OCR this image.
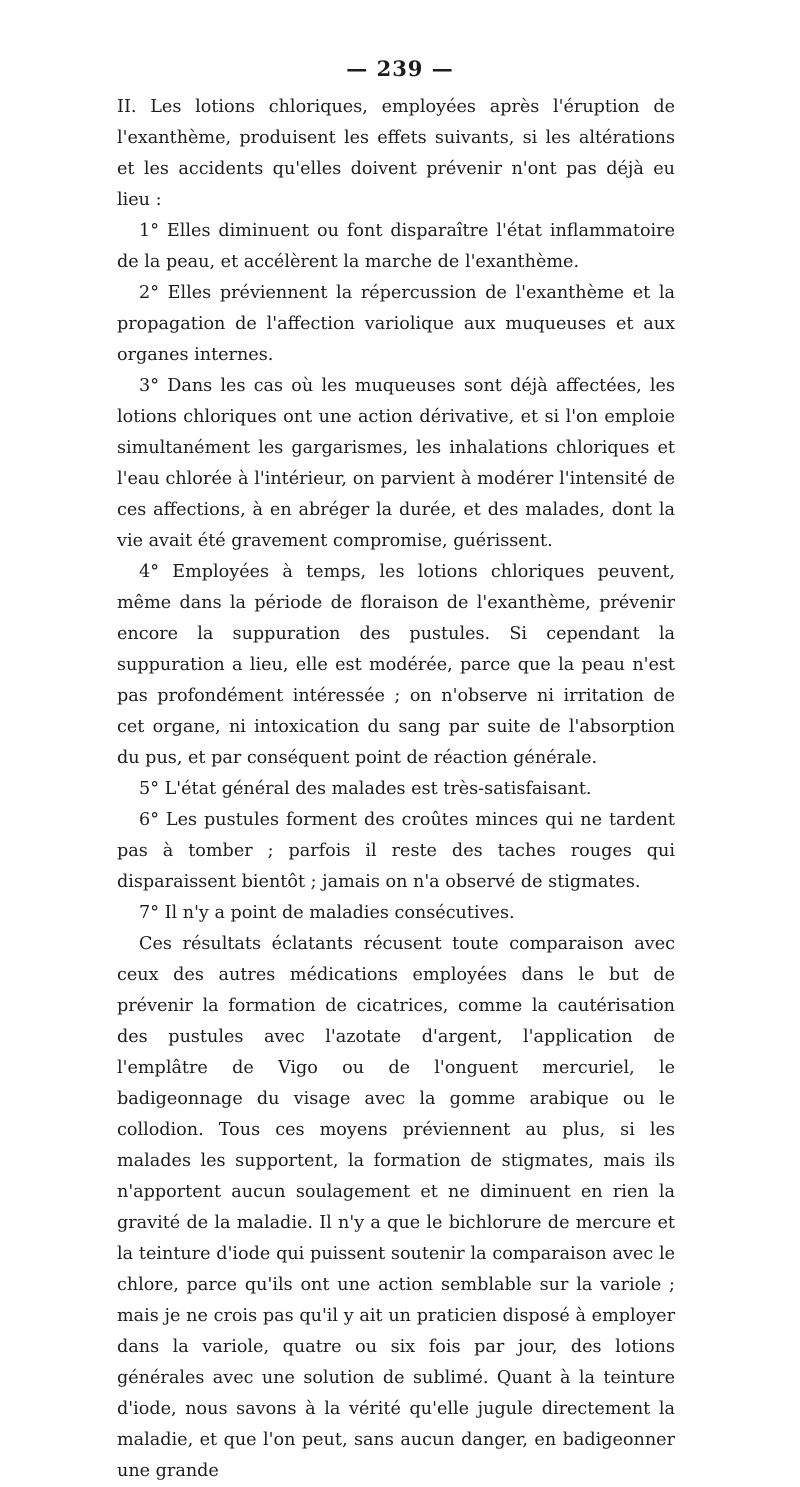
— 239 —

II. Les lotions chloriques, employées après l'éruption de l'exanthème, produisent les effets suivants, si les altérations et les accidents qu'elles doivent prévenir n'ont pas déjà eu lieu :

1° Elles diminuent ou font disparaître l'état inflammatoire de la peau, et accélèrent la marche de l'exanthème.

2° Elles préviennent la répercussion de l'exanthème et la propagation de l'affection variolique aux muqueuses et aux organes internes.

3° Dans les cas où les muqueuses sont déjà affectées, les lotions chloriques ont une action dérivative, et si l'on emploie simultanément les gargarismes, les inhalations chloriques et l'eau chlorée à l'intérieur, on parvient à modérer l'intensité de ces affections, à en abréger la durée, et des malades, dont la vie avait été gravement compromise, guérissent.

4° Employées à temps, les lotions chloriques peuvent, même dans la période de floraison de l'exanthème, prévenir encore la suppuration des pustules. Si cependant la suppuration a lieu, elle est modérée, parce que la peau n'est pas profondément intéressée ; on n'observe ni irritation de cet organe, ni intoxication du sang par suite de l'absorption du pus, et par conséquent point de réaction générale.

5° L'état général des malades est très-satisfaisant.

6° Les pustules forment des croûtes minces qui ne tardent pas à tomber ; parfois il reste des taches rouges qui disparaissent bientôt ; jamais on n'a observé de stigmates.

7° Il n'y a point de maladies consécutives.

Ces résultats éclatants récusent toute comparaison avec ceux des autres médications employées dans le but de prévenir la formation de cicatrices, comme la cautérisation des pustules avec l'azotate d'argent, l'application de l'emplâtre de Vigo ou de l'onguent mercuriel, le badigeonnage du visage avec la gomme arabique ou le collodion. Tous ces moyens préviennent au plus, si les malades les supportent, la formation de stigmates, mais ils n'apportent aucun soulagement et ne diminuent en rien la gravité de la maladie. Il n'y a que le bichlorure de mercure et la teinture d'iode qui puissent soutenir la comparaison avec le chlore, parce qu'ils ont une action semblable sur la variole ; mais je ne crois pas qu'il y ait un praticien disposé à employer dans la variole, quatre ou six fois par jour, des lotions générales avec une solution de sublimé. Quant à la teinture d'iode, nous savons à la vérité qu'elle jugule directement la maladie, et que l'on peut, sans aucun danger, en badigeonner une grande
